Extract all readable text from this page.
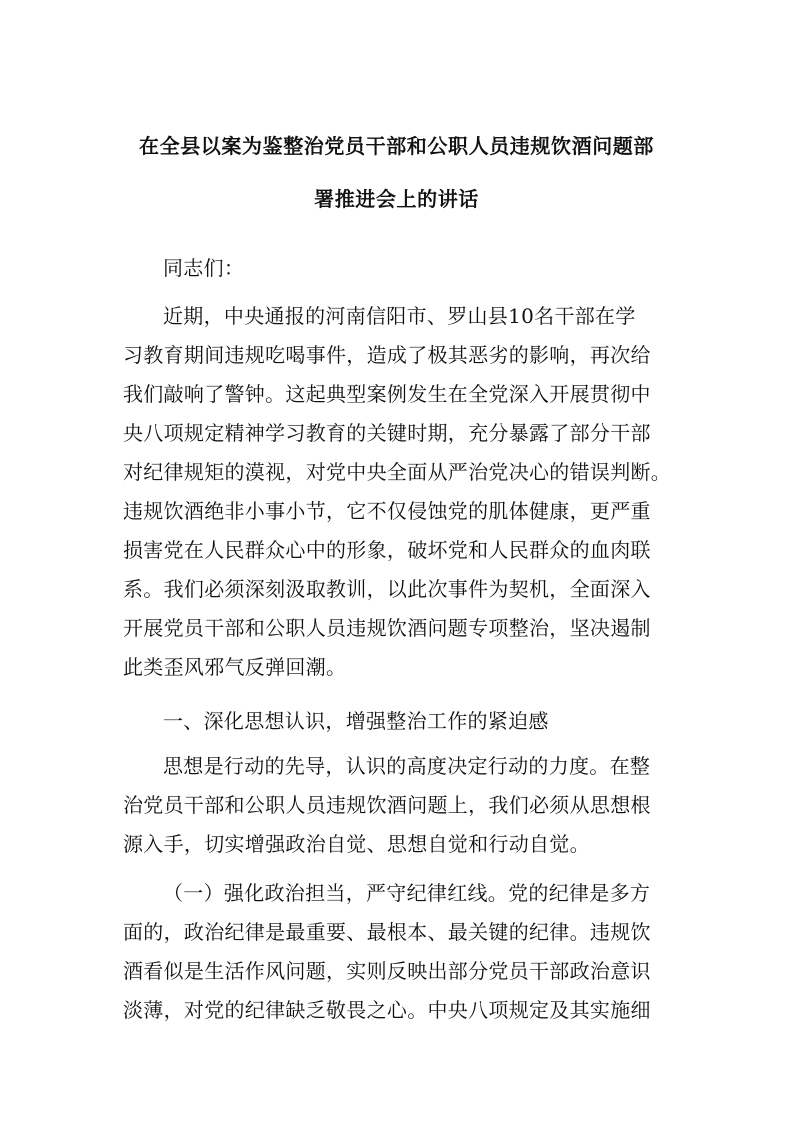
在全县以案为鉴整治党员干部和公职人员违规饮酒问题部
署推进会上的讲话
同志们：
近期，中央通报的河南信阳市、罗山县10名干部在学
习教育期间违规吃喝事件，造成了极其恶劣的影响，再次给
我们敲响了警钟。这起典型案例发生在全党深入开展贯彻中
央八项规定精神学习教育的关键时期，充分暴露了部分干部
对纪律规矩的漠视，对党中央全面从严治党决心的错误判断。
违规饮酒绝非小事小节，它不仅侵蚀党的肌体健康，更严重
损害党在人民群众心中的形象，破坏党和人民群众的血肉联
系。我们必须深刻汲取教训，以此次事件为契机，全面深入
开展党员干部和公职人员违规饮酒问题专项整治，坚决遏制
此类歪风邪气反弹回潮。
一、深化思想认识，增强整治工作的紧迫感
思想是行动的先导，认识的高度决定行动的力度。在整
治党员干部和公职人员违规饮酒问题上，我们必须从思想根
源入手，切实增强政治自觉、思想自觉和行动自觉。
（一）强化政治担当，严守纪律红线。党的纪律是多方
面的，政治纪律是最重要、最根本、最关键的纪律。违规饮
酒看似是生活作风问题，实则反映出部分党员干部政治意识
淡薄，对党的纪律缺乏敬畏之心。中央八项规定及其实施细
